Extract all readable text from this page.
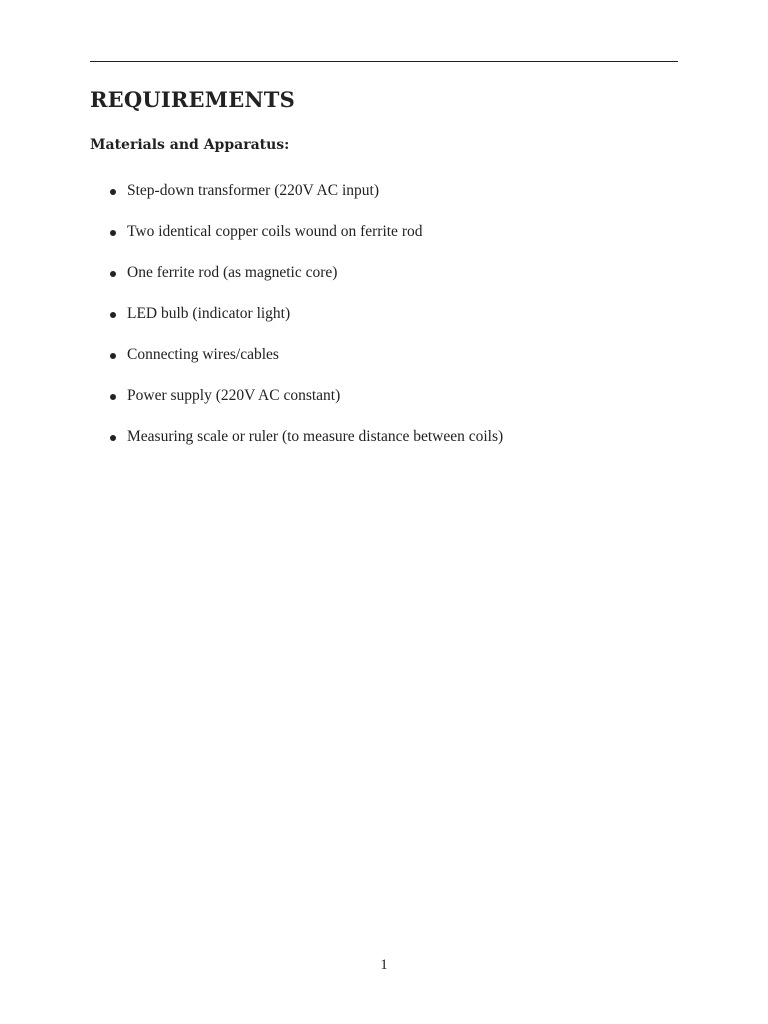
REQUIREMENTS
Materials and Apparatus:
Step-down transformer (220V AC input)
Two identical copper coils wound on ferrite rod
One ferrite rod (as magnetic core)
LED bulb (indicator light)
Connecting wires/cables
Power supply (220V AC constant)
Measuring scale or ruler (to measure distance between coils)
1
